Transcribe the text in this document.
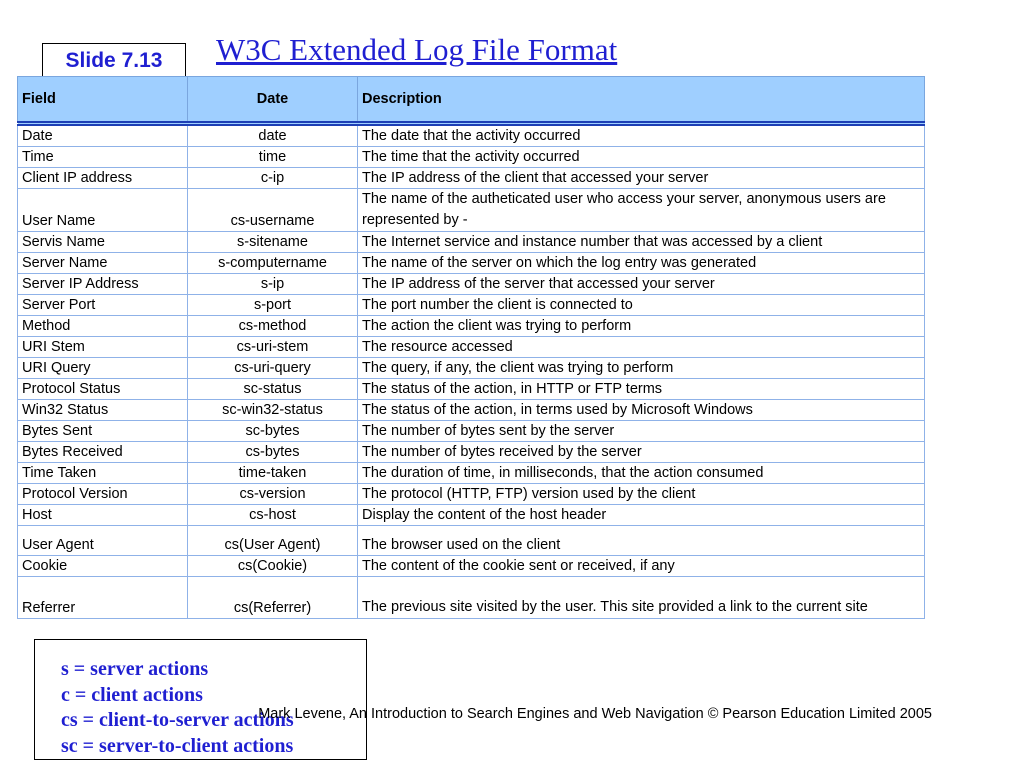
Slide 7.13	W3C Extended Log File Format
Field	Date	Description
Date	date	The date that the activity occurred
Time	time	The time that the activity occurred
Client IP address	c-ip	The IP address of the client that accessed your server
User Name	cs-username	The name of the autheticated user who access your server, anonymous users are represented by -
Servis Name	s-sitename	The Internet service and instance number that was accessed by a client
Server Name	s-computername	The name of the server on which the log entry was generated
Server IP Address	s-ip	The IP address of the server that accessed your server
Server Port	s-port	The port number the client is connected to
Method	cs-method	The action the client was trying to perform
URI Stem	cs-uri-stem	The resource accessed
URI Query	cs-uri-query	The query, if any, the client was trying to perform
Protocol Status	sc-status	The status of the action, in HTTP or FTP terms
Win32 Status	sc-win32-status	The status of the action, in terms used by Microsoft Windows
Bytes Sent	sc-bytes	The number of bytes sent by the server
Bytes Received	cs-bytes	The number of bytes received by the server
Time Taken	time-taken	The duration of time, in milliseconds, that the action consumed
Protocol Version	cs-version	The protocol (HTTP, FTP) version used by the client
Host	cs-host	Display the content of the host header
User Agent	cs(User Agent)	The browser used on the client
Cookie	cs(Cookie)	The content of the cookie sent or received, if any
Referrer	cs(Referrer)	The previous site visited by the user. This site provided a link to the current site
s = server actions
c = client actions
cs = client-to-server actions
sc = server-to-client actions
Mark Levene, An Introduction to Search Engines and Web Navigation © Pearson Education Limited 2005
